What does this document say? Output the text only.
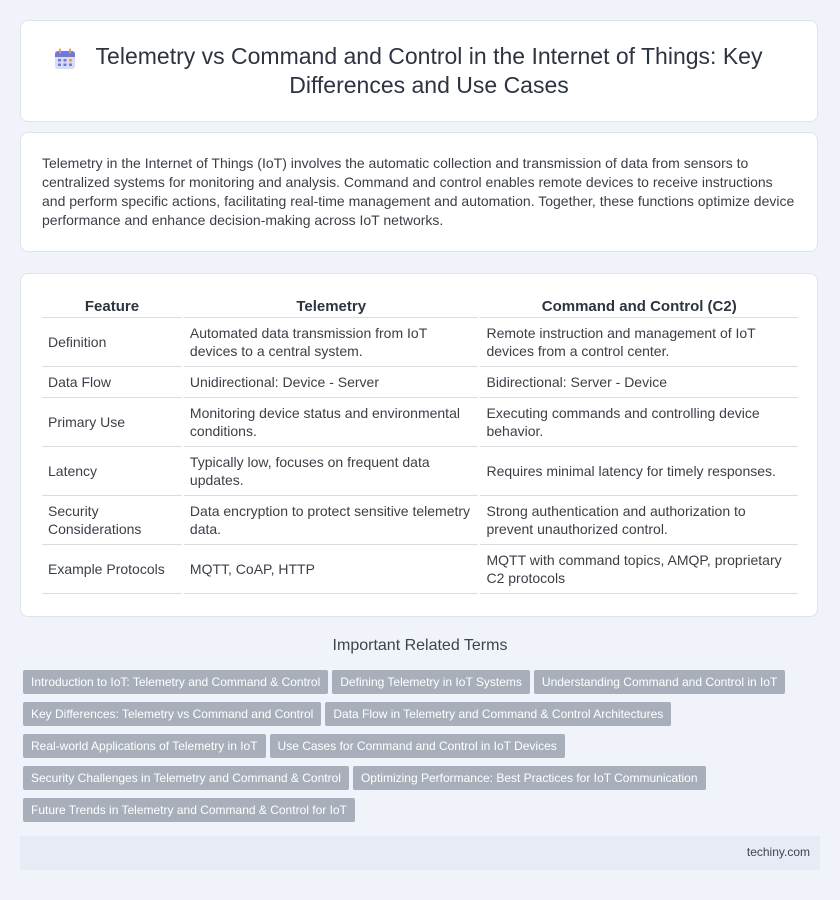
Telemetry vs Command and Control in the Internet of Things: Key Differences and Use Cases
Telemetry in the Internet of Things (IoT) involves the automatic collection and transmission of data from sensors to centralized systems for monitoring and analysis. Command and control enables remote devices to receive instructions and perform specific actions, facilitating real-time management and automation. Together, these functions optimize device performance and enhance decision-making across IoT networks.
Feature	Telemetry	Command and Control (C2)
Definition	Automated data transmission from IoT devices to a central system.	Remote instruction and management of IoT devices from a control center.
Data Flow	Unidirectional: Device - Server	Bidirectional: Server - Device
Primary Use	Monitoring device status and environmental conditions.	Executing commands and controlling device behavior.
Latency	Typically low, focuses on frequent data updates.	Requires minimal latency for timely responses.
Security Considerations	Data encryption to protect sensitive telemetry data.	Strong authentication and authorization to prevent unauthorized control.
Example Protocols	MQTT, CoAP, HTTP	MQTT with command topics, AMQP, proprietary C2 protocols
Important Related Terms
Introduction to IoT: Telemetry and Command & Control Defining Telemetry in IoT Systems Understanding Command and Control in IoT
Key Differences: Telemetry vs Command and Control Data Flow in Telemetry and Command & Control Architectures
Real-world Applications of Telemetry in IoT Use Cases for Command and Control in IoT Devices
Security Challenges in Telemetry and Command & Control Optimizing Performance: Best Practices for IoT Communication
Future Trends in Telemetry and Command & Control for IoT
techiny.com
